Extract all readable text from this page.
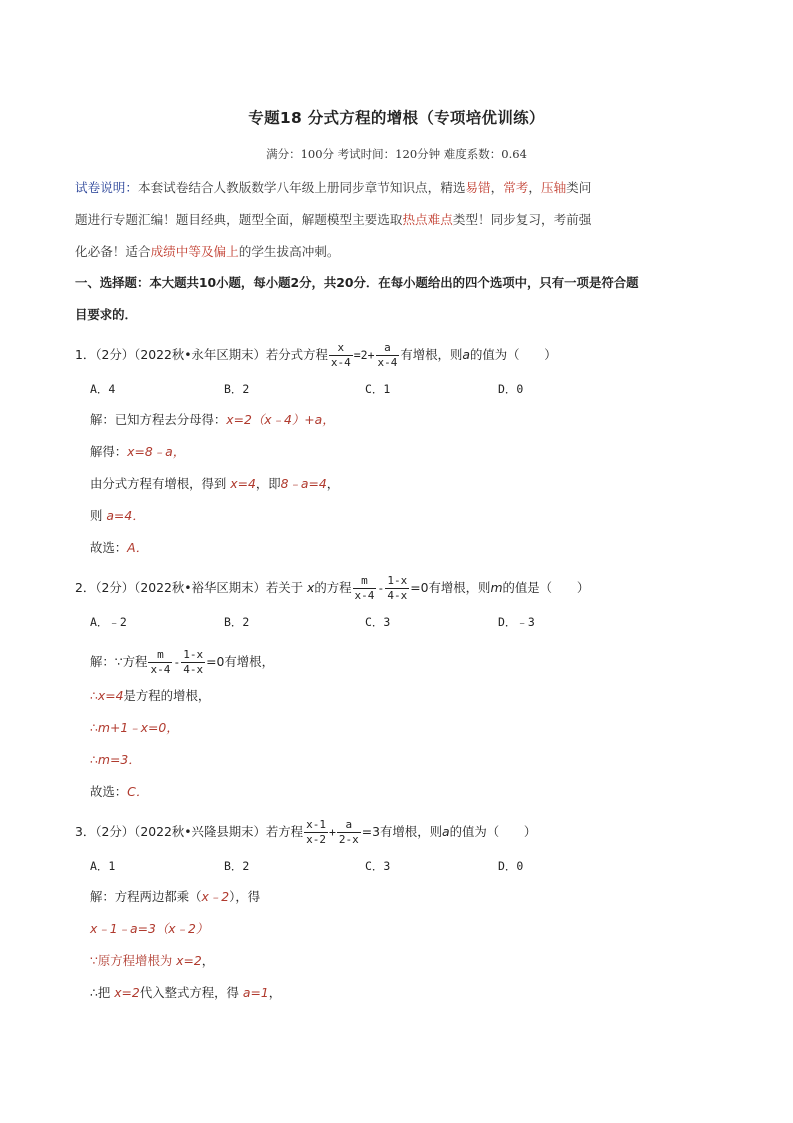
专题18 分式方程的增根（专项培优训练）
满分：100分 考试时间：120分钟 难度系数：0.64
试卷说明：本套试卷结合人教版数学八年级上册同步章节知识点，精选易错，常考，压轴类问
题进行专题汇编！题目经典，题型全面，解题模型主要选取热点难点类型！同步复习，考前强
化必备！适合成绩中等及偏上的学生拔高冲刺。
一、选择题：本大题共10小题，每小题2分，共20分．在每小题给出的四个选项中，只有一项是符合题
目要求的．
1．（2分）（2022秋•永年区期末）若分式方程 $\frac{x}{x-4} =2+ \frac{a}{x-4}$ 有增根，则a的值为（　　）
A．4	B．2	C．1	D．0
解：已知方程去分母得：x=2（x﹣4）+a，
解得：x=8﹣a，
由分式方程有增根，得到 x=4，即8﹣a=4，
则 a=4．
故选：A．
2．（2分）（2022秋•裕华区期末）若关于 x的方程 $\frac{m}{x-4} - \frac{1-x}{4-x} =0$有增根，则m的值是（　　）
A．﹣2	B．2	C．3	D．﹣3
解：∵方程 $\frac{m}{x-4} - \frac{1-x}{4-x} =0$有增根，
∴x=4是方程的增根，
∴m+1﹣x=0，
∴m=3．
故选：C．
3．（2分）（2022秋•兴隆县期末）若方程 $\frac{x-1}{x-2} + \frac{a}{2-x} =3$有增根，则a的值为（　　）
A．1	B．2	C．3	D．0
解：方程两边都乘（x﹣2），得
x﹣1﹣a=3（x﹣2）
∵原方程增根为 x=2，
∴把 x=2代入整式方程，得 a=1，
